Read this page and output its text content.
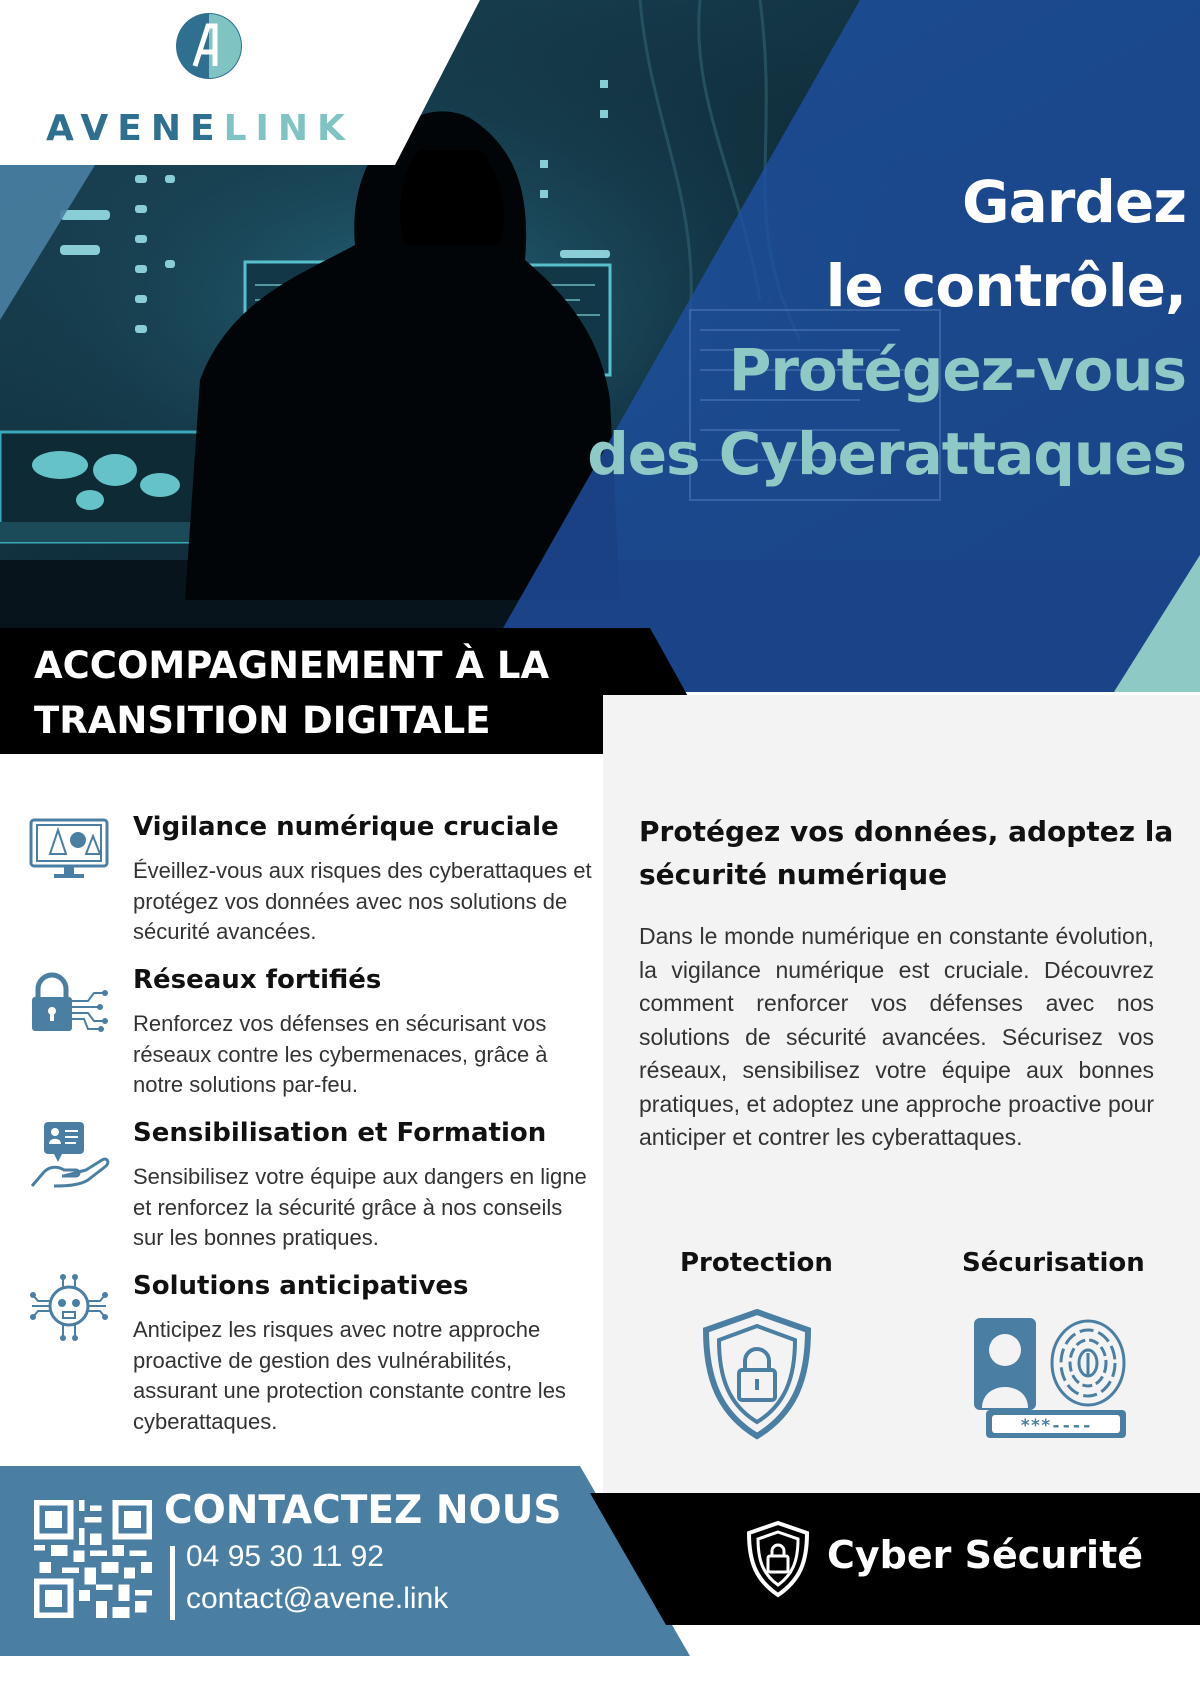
AVENELINK
Gardez
le contrôle,
Protégez-vous
des Cyberattaques
ACCOMPAGNEMENT À LA
TRANSITION DIGITALE
Protégez vos données, adoptez la sécurité numérique
Dans le monde numérique en constante évolution, la vigilance numérique est cruciale. Découvrez comment renforcer vos défenses avec nos solutions de sécurité avancées. Sécurisez vos réseaux, sensibilisez votre équipe aux bonnes pratiques, et adoptez une approche proactive pour anticiper et contrer les cyberattaques.
Protection	Sécurisation
***----
Vigilance numérique cruciale
Éveillez-vous aux risques des cyberattaques et protégez vos données avec nos solutions de sécurité avancées.
Réseaux fortifiés
Renforcez vos défenses en sécurisant vos réseaux contre les cybermenaces, grâce à notre solutions par-feu.
Sensibilisation et Formation
Sensibilisez votre équipe aux dangers en ligne et renforcez la sécurité grâce à nos conseils sur les bonnes pratiques.
Solutions anticipatives
Anticipez les risques avec notre approche proactive de gestion des vulnérabilités, assurant une protection constante contre les cyberattaques.
CONTACTEZ NOUS
04 95 30 11 92
contact@avene.link
Cyber Sécurité
